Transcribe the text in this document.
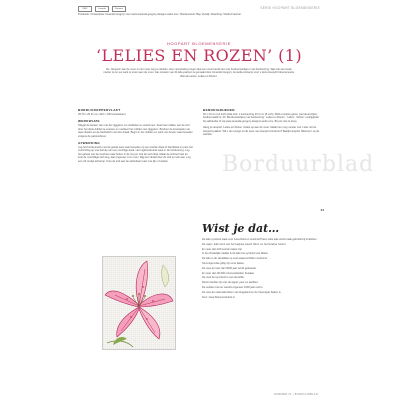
DMC	Lanarte	Vervaco	SERIE HOOPART BLOEMENSERIE
Productie: Ontwerpster Amanda Gregory voor www.amanda-gregory-designs.webs.com. Borduurwerk: Bep Verwilj. Afwerking: Sheila Frautner
HOOPART BLOEMENSERIE
‘LELIES EN ROZEN’ (1)
De ‘HoopArt’ aan de muur is niet meer weg te denken. Een verzameling ringen laat een mooi beeld zien van borduurwerkjes in de borduurring. Wat ook een leuke manier is om uw werk te tonen aan de muur. Het ontwerp van dit lelie-patroon is gemaakt door Amanda Gregory. Amanda ontwerpt voor u deze HoopArt bloemenserie. Wat als eerste ‘Lelies en Rozen’.
BORDUUROPPERVLAKT

25,79 x 25,21 cm (143 x 139 kruissteken)

WERKWIJZE

Stiegel de kanten van met het rijggaren om uitrafelen te voorkomen. Zoek het midden van de stof door het doek dubbel te vouwen en markeer het midden met rijggaren. Borduur de kruissteek met twee draden en de backstitch met één draad. Begin in het midden en werk van boven naar beneden volgens de patroonlijnen.

AFWERKING

Leg het borduurwerk met de goede kant naar beneden op een zachte doek of handdoek en pers het voorzichtig op met behulp van een vochtige doek. Het ingeborduurde werk in de borduurring. Leg het geheel met de voorkant naar buiten in de ring en trek de stof strak. Maak de schroef vast en knip de overtollige stof weg, laat ongeveer 3 cm over. Rijg een draad door de stof en trek aan. Leg een vilt rondje achterop. Knip de stof aan de achterkant vast met lijm of steken.

BENODIGDHEDEN

40 x 40 cm (14 inch) Aida stof; 1 borduurring 20,3 cm (8 inch); DMC-mouliné garen (zie kleurenlijst); borduurnaald nr. 24. Borduurwerkjes met borduurring: ‘Lelies en Rozen’, ‘Lelies’, ‘Rozen’ verkrijgbaar bij vakhandel of via www.amanda-gregory-designs.webs.com. Bij ons niet te koop.

Hang je HoopArt ‘Lelies en Rozen’ straks op aan de muur. Maak hem nog mooier met ‘Lelie’ uit het HoopArt-pakket. Wil u de overige uit de serie van HoopArt borduren? Bekijk HoopArt ‘Bloemen’ op de website.

Borduurblad
31
Wist je dat…

De lelie symbool staat voor zuiverheid en onschuld? Een witte lelie wordt vaak gebruikt bij bruiloften.

De naam ‘lelie’ komt van het Latijnse woord ‘lilium’ en het Griekse ‘leirion’.

Er meer dan 100 soorten lelies zijn.

In de christelijke traditie is de lelie het symbool van Maria.

De lelie in de Heraldiek op veel wapenschilden voorkomt.

Sommige lelies giftig zijn voor katten.

De roos al meer dan 5000 jaar wordt gekweekt.

Er meer dan 30.000 rozenvariëteiten bestaan.

De roos het symbool is van de liefde.

Rozen familie zijn van de appel, peer en aardbei.

De oudste roos ter wereld ongeveer 1000 jaar oud is.

De roos de nationale bloem van Engeland en de Verenigde Staten is.

bron: www.bloemenwinkel.nl

NUMMER 31 | BORDUURBLAD
